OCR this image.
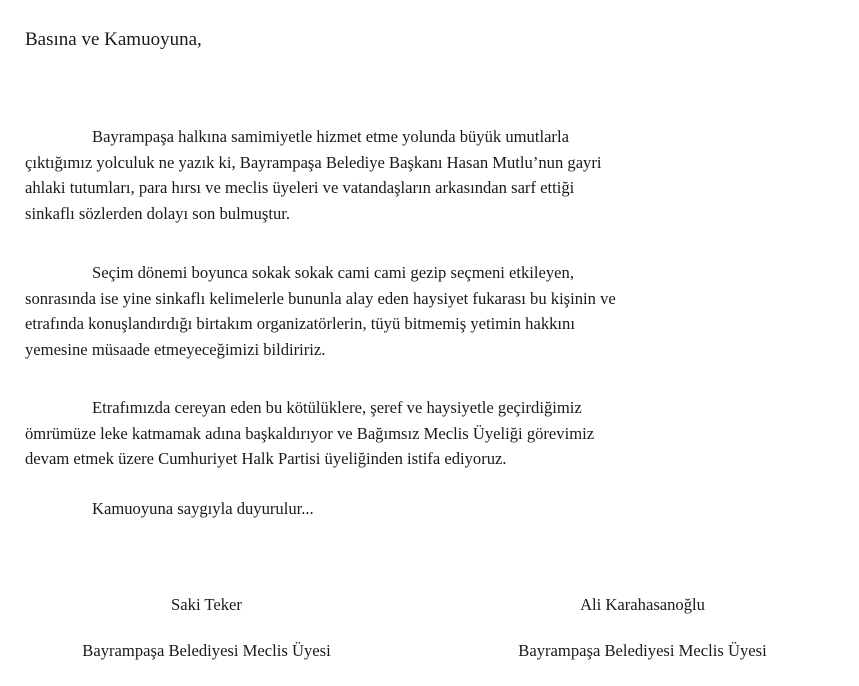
Basına ve Kamuoyuna,
Bayrampaşa halkına samimiyetle hizmet etme yolunda büyük umutlarla
çıktığımız yolculuk ne yazık ki, Bayrampaşa Belediye Başkanı Hasan Mutlu’nun gayri
ahlaki tutumları, para hırsı ve meclis üyeleri ve vatandaşların arkasından sarf ettiği
sinkaflı sözlerden dolayı son bulmuştur.
Seçim dönemi boyunca sokak sokak cami cami gezip seçmeni etkileyen,
sonrasında ise yine sinkaflı kelimelerle bununla alay eden haysiyet fukarası bu kişinin ve
etrafında konuşlandırdığı birtakım organizatörlerin, tüyü bitmemiş yetimin hakkını
yemesine müsaade etmeyeceğimizi bildiririz.
Etrafımızda cereyan eden bu kötülüklere, şeref ve haysiyetle geçirdiğimiz
ömrümüze leke katmamak adına başkaldırıyor ve Bağımsız Meclis Üyeliği görevimiz
devam etmek üzere Cumhuriyet Halk Partisi üyeliğinden istifa ediyoruz.
Kamuoyuna saygıyla duyurulur...
Saki Teker
Bayrampaşa Belediyesi Meclis Üyesi
Ali Karahasanoğlu
Bayrampaşa Belediyesi Meclis Üyesi
